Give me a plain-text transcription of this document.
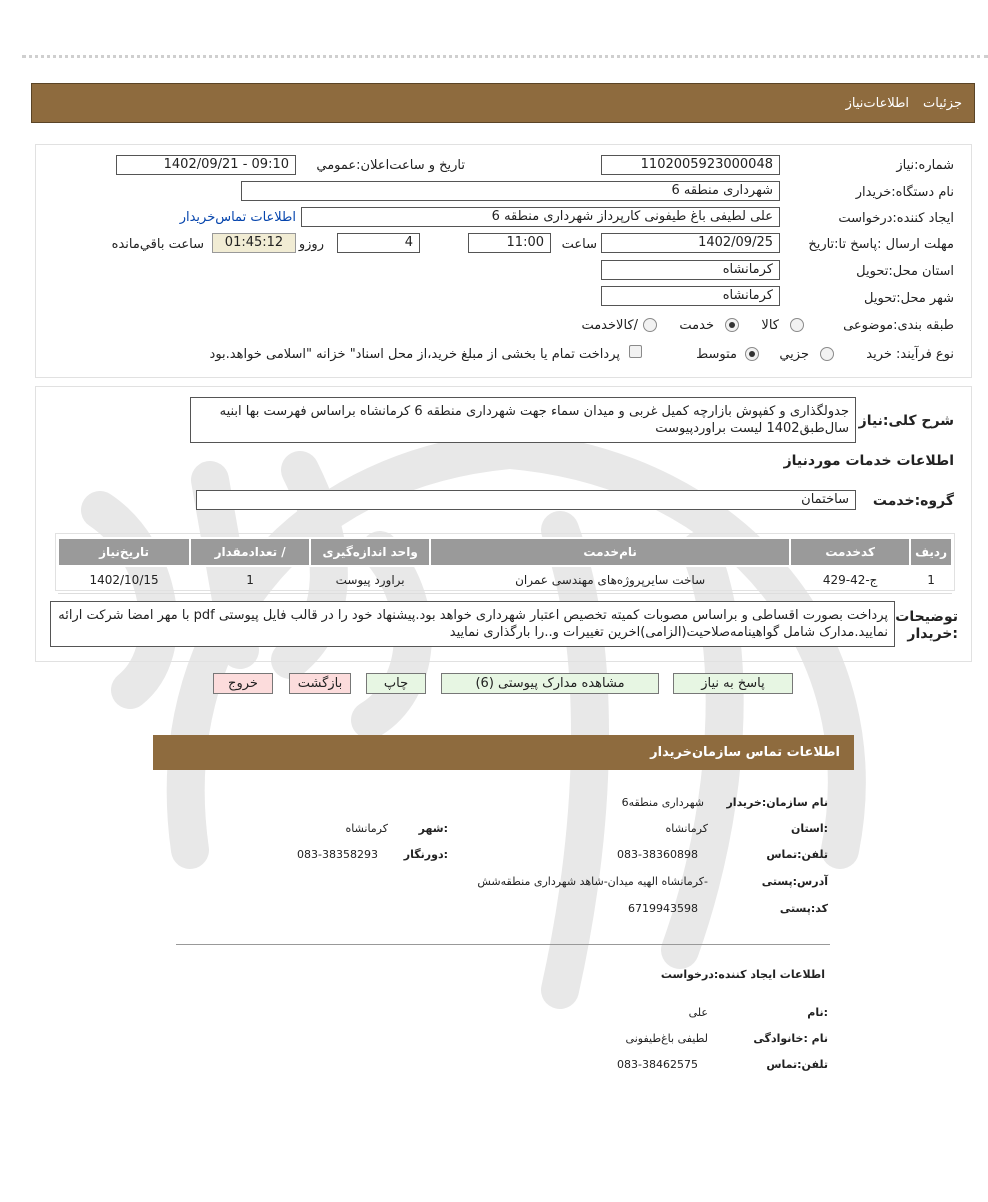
جزئيات
اطلاعات‌نياز
شماره:نياز
1102005923000048
تاريخ و ساعت‌اعلان:عمومي
1402/09/21 - 09:10
نام دستگاه:خريدار
شهرداری منطقه 6
ايجاد کننده:درخواست
علی لطیفی باغ طیفونی کارپرداز شهرداری منطقه 6
اطلاعات تماس‌خريدار
مهلت ارسال :پاسخ تا:تاريخ
1402/09/25
ساعت
11:00
4
روزو
01:45:12
ساعت باقي‌مانده
استان محل:تحويل
کرمانشاه
شهر محل:تحويل
کرمانشاه
طبقه بندی:موضوعی
کالا
خدمت
/کالاخدمت
نوع فرآيند: خريد
جزيي
متوسط
پرداخت تمام يا بخشی از مبلغ خريد،از محل اسناد" خزانه "اسلامی خواهد.بود
شرح کلی:نياز
جدولگذاری و کفپوش بازارچه کمیل غربی و میدان سماء جهت شهرداری منطقه 6 کرمانشاه براساس فهرست بها ابنیه سال‌طبق1402 لیست براوردپیوست
اطلاعات خدمات موردنياز
گروه:خدمت
ساختمان
رديف	کدخدمت	نام‌خدمت	واحد اندازه‌گيری	/ تعدادمقدار	تاريخ‌نياز
1	ج-42-429	ساخت سایرپروژه‌های مهندسی عمران	براورد پیوست	1	1402/10/15
توضيحات :خريدار
پرداخت بصورت اقساطی و براساس مصوبات کمیته تخصیص اعتبار شهرداری خواهد بود.پیشنهاد خود را در قالب فایل پیوستی pdf با مهر امضا شرکت ارائه نمایید.مدارک شامل گواهینامه‌صلاحیت(الزامی)اخرین تغییرات و..را بارگذاری نمایید
پاسخ به نياز
مشاهده مدارک پيوستی (6)
چاپ
بازگشت
خروج
اطلاعات تماس سازمان‌خريدار
نام سازمان:خريدار
شهرداری منطقه6
:استان
کرمانشاه
:شهر
کرمانشاه
تلفن:تماس
083-38360898
:دورنگار
083-38358293
آدرس:پستی
-کرمانشاه الهیه میدان-شاهد شهرداری منطقه‌شش
کد:پستی
6719943598
اطلاعات ايجاد کننده:درخواست
:نام
علی
نام :خانوادگی
لطیفی باغ‌طیفونی
تلفن:تماس
083-38462575
